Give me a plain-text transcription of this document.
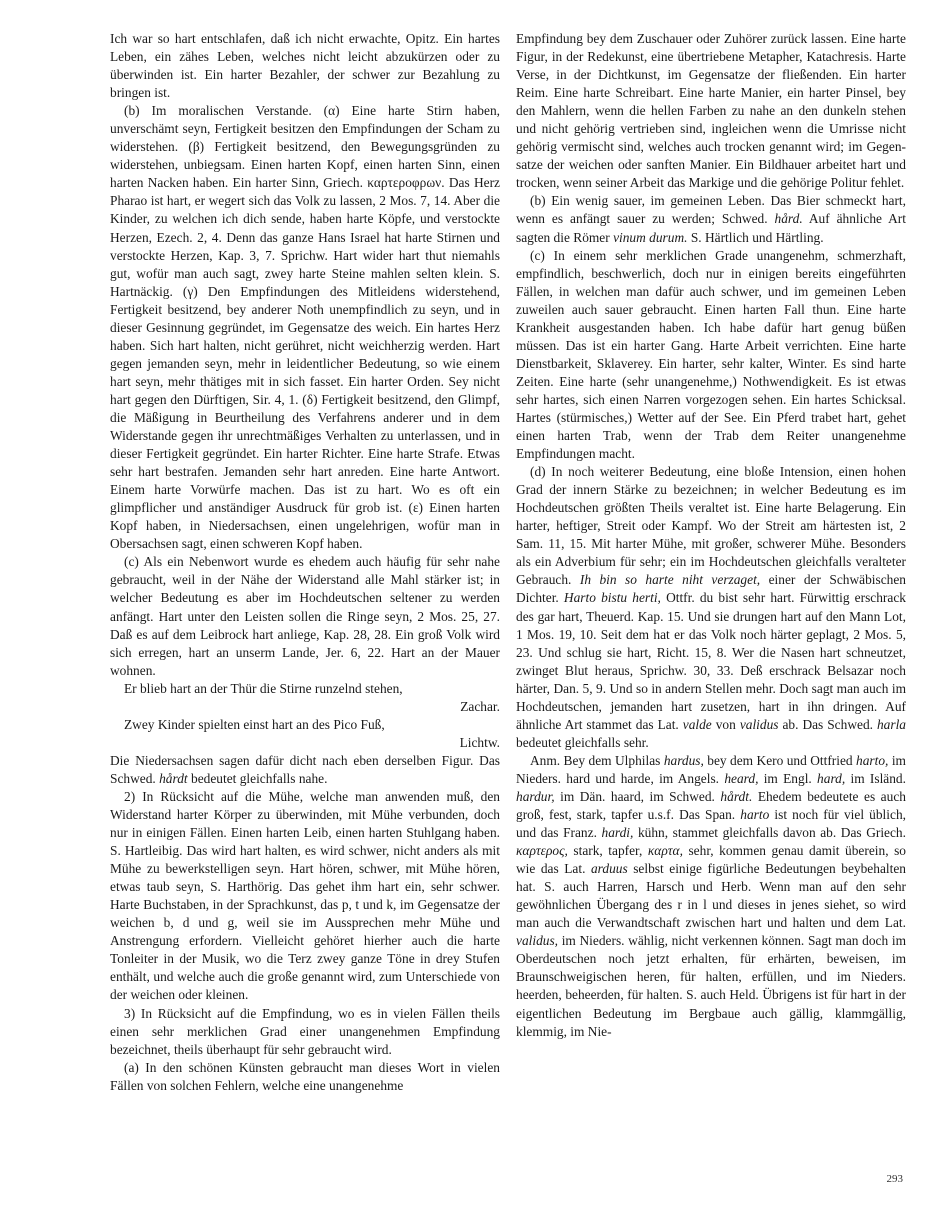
Ich war so hart entschlafen, daß ich nicht erwachte, Opitz. Ein hartes Leben, ein zähes Leben, welches nicht leicht abzukürzen oder zu überwinden ist. Ein harter Bezahler, der schwer zur Bezahlung zu bringen ist.

(b) Im moralischen Verstande. (α) Eine harte Stirn haben, unverschämt seyn, Fertigkeit besitzen den Empfindungen der Scham zu widerstehen. (β) Fertigkeit besitzend, den Bewegungsgründen zu widerstehen, unbiegsam. Einen harten Kopf, einen harten Sinn, einen harten Nacken haben. Ein harter Sinn, Griech. καρτεροφρων. Das Herz Pharao ist hart, er wegert sich das Volk zu lassen, 2 Mos. 7, 14. Aber die Kinder, zu welchen ich dich sende, haben harte Köpfe, und verstockte Herzen, Ezech. 2, 4. Denn das ganze Hans Israel hat harte Stirnen und verstockte Herzen, Kap. 3, 7. Sprichw. Hart wider hart thut niemahls gut, wofür man auch sagt, zwey harte Steine mahlen selten klein. S. Hartnäckig. (γ) Den Empfindungen des Mitleidens widerstehend, Fertigkeit besitzend, bey anderer Noth unempfindlich zu seyn, und in dieser Gesinnung gegründet, im Gegensatze des weich. Ein hartes Herz haben. Sich hart halten, nicht gerühret, nicht weichherzig werden. Hart gegen jemanden seyn, mehr in leidentlicher Bedeutung, so wie einem hart seyn, mehr thätiges mit in sich fasset. Ein harter Orden. Sey nicht hart gegen den Dürftigen, Sir. 4, 1. (δ) Fertigkeit besitzend, den Glimpf, die Mäßigung in Beurtheilung des Verfahrens anderer und in dem Widerstande gegen ihr unrechtmäßiges Verhalten zu unterlassen, und in dieser Fertigkeit gegründet. Ein harter Richter. Eine harte Strafe. Etwas sehr hart bestrafen. Jemanden sehr hart anreden. Eine harte Antwort. Einem harte Vorwürfe machen. Das ist zu hart. Wo es oft ein glimpflicher und anständiger Ausdruck für grob ist. (ε) Einen harten Kopf haben, in Niedersachsen, einen ungelehrigen, wofür man in Obersachsen sagt, einen schweren Kopf haben.

(c) Als ein Nebenwort wurde es ehedem auch häufig für sehr nahe gebraucht, weil in der Nähe der Widerstand alle Mahl stärker ist; in welcher Bedeutung es aber im Hochdeutschen seltener zu werden anfängt. Hart unter den Leisten sollen die Ringe seyn, 2 Mos. 25, 27. Daß es auf dem Leibrock hart anliege, Kap. 28, 28. Ein groß Volk wird sich erregen, hart an unserm Lande, Jer. 6, 22. Hart an der Mauer wohnen.

Er blieb hart an der Thür die Stirne runzelnd stehen,

Zachar.

Zwey Kinder spielten einst hart an des Pico Fuß,

Lichtw.

Die Niedersachsen sagen dafür dicht nach eben derselben Figur. Das Schwed. hårdt bedeutet gleichfalls nahe.

2) In Rücksicht auf die Mühe, welche man anwenden muß, den Widerstand harter Körper zu überwinden, mit Mühe verbunden, doch nur in einigen Fällen. Einen harten Leib, einen harten Stuhlgang haben. S. Hartleibig. Das wird hart halten, es wird schwer, nicht anders als mit Mühe zu bewerkstelligen seyn. Hart hören, schwer, mit Mühe hören, etwas taub seyn, S. Harthörig. Das gehet ihm hart ein, sehr schwer. Harte Buchstaben, in der Sprachkunst, das p, t und k, im Gegensatze der weichen b, d und g, weil sie im Aussprechen mehr Mühe und Anstrengung erfordern. Vielleicht gehöret hierher auch die harte Tonleiter in der Musik, wo die Terz zwey ganze Töne in drey Stufen enthält, und welche auch die große genannt wird, zum Unterschiede von der weichen oder kleinen.

3) In Rücksicht auf die Empfindung, wo es in vielen Fällen theils einen sehr merklichen Grad einer unangenehmen Empfindung bezeichnet, theils überhaupt für sehr gebraucht wird.

(a) In den schönen Künsten gebraucht man dieses Wort in vielen Fällen von solchen Fehlern, welche eine unangenehme

Empfindung bey dem Zuschauer oder Zuhörer zurück lassen. Eine harte Figur, in der Redekunst, eine übertriebene Metapher, Katachresis. Harte Verse, in der Dichtkunst, im Gegensatze der fließenden. Ein harter Reim. Eine harte Schreibart. Eine harte Manier, ein harter Pinsel, bey den Mahlern, wenn die hellen Farben zu nahe an den dunkeln stehen und nicht gehörig vertrieben sind, ingleichen wenn die Umrisse nicht gehörig vermischt sind, welches auch trocken genannt wird; im Gegensatze der weichen oder sanften Manier. Ein Bildhauer arbeitet hart und trocken, wenn seiner Arbeit das Markige und die gehörige Politur fehlet.

(b) Ein wenig sauer, im gemeinen Leben. Das Bier schmeckt hart, wenn es anfängt sauer zu werden; Schwed. hård. Auf ähnliche Art sagten die Römer vinum durum. S. Härtlich und Härtling.

(c) In einem sehr merklichen Grade unangenehm, schmerzhaft, empfindlich, beschwerlich, doch nur in einigen bereits eingeführten Fällen, in welchen man dafür auch schwer, und im gemeinen Leben zuweilen auch sauer gebraucht. Einen harten Fall thun. Eine harte Krankheit ausgestanden haben. Ich habe dafür hart genug büßen müssen. Das ist ein harter Gang. Harte Arbeit verrichten. Eine harte Dienstbarkeit, Sklaverey. Ein harter, sehr kalter, Winter. Es sind harte Zeiten. Eine harte (sehr unangenehme,) Nothwendigkeit. Es ist etwas sehr hartes, sich einen Narren vorgezogen sehen. Ein hartes Schicksal. Hartes (stürmisches,) Wetter auf der See. Ein Pferd trabet hart, gehet einen harten Trab, wenn der Trab dem Reiter unangenehme Empfindungen macht.

(d) In noch weiterer Bedeutung, eine bloße Intension, einen hohen Grad der innern Stärke zu bezeichnen; in welcher Bedeutung es im Hochdeutschen größten Theils veraltet ist. Eine harte Belagerung. Ein harter, heftiger, Streit oder Kampf. Wo der Streit am härtesten ist, 2 Sam. 11, 15. Mit harter Mühe, mit großer, schwerer Mühe. Besonders als ein Adverbium für sehr; ein im Hochdeutschen gleichfalls veralteter Gebrauch. Ih bin so harte niht verzaget, einer der Schwäbischen Dichter. Harto bistu herti, Ottfr. du bist sehr hart. Fürwittig erschrack des gar hart, Theuerd. Kap. 15. Und sie drungen hart auf den Mann Lot, 1 Mos. 19, 10. Seit dem hat er das Volk noch härter geplagt, 2 Mos. 5, 23. Und schlug sie hart, Richt. 15, 8. Wer die Nasen hart schneutzet, zwinget Blut heraus, Sprichw. 30, 33. Deß erschrack Belsazar noch härter, Dan. 5, 9. Und so in andern Stellen mehr. Doch sagt man auch im Hochdeutschen, jemanden hart zusetzen, hart in ihn dringen. Auf ähnliche Art stammet das Lat. valde von validus ab. Das Schwed. harla bedeutet gleichfalls sehr.

Anm. Bey dem Ulphilas hardus, bey dem Kero und Ottfried harto, im Nieders. hard und harde, im Angels. heard, im Engl. hard, im Isländ. hardur, im Dän. haard, im Schwed. hårdt. Ehedem bedeutete es auch groß, fest, stark, tapfer u.s.f. Das Span. harto ist noch für viel üblich, und das Franz. hardi, kühn, stammet gleichfalls davon ab. Das Griech. καρτερος, stark, tapfer, καρτα, sehr, kommen genau damit überein, so wie das Lat. arduus selbst einige figürliche Bedeutungen beybehalten hat. S. auch Harren, Harsch und Herb. Wenn man auf den sehr gewöhnlichen Übergang des r in l und dieses in jenes siehet, so wird man auch die Verwandtschaft zwischen hart und halten und dem Lat. validus, im Nieders. wählig, nicht verkennen können. Sagt man doch im Oberdeutschen noch jetzt erhalten, für erhärten, beweisen, im Braunschweigischen heren, für halten, erfüllen, und im Nieders. heerden, beheerden, für halten. S. auch Held. Übrigens ist für hart in der eigentlichen Bedeutung im Bergbaue auch gällig, klammgällig, klemmig, im Nie-

293
